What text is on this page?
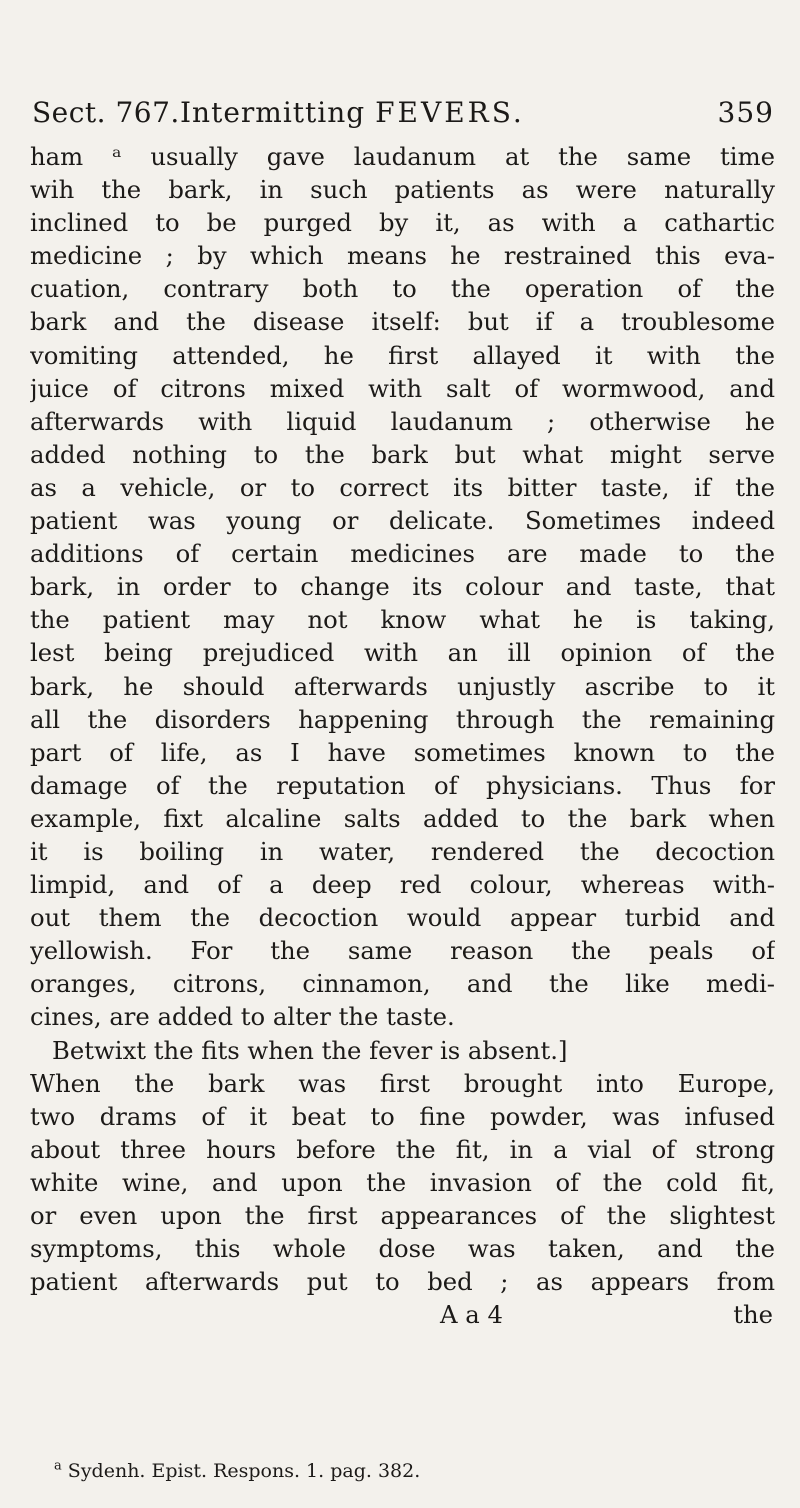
Sect. 767. Intermitting FEVERS.	359
ham ᵃ usually gave laudanum at the same time
wih the bark, in such patients as were naturally
inclined to be purged by it, as with a cathartic
medicine ; by which means he restrained this eva-
cuation, contrary both to the operation of the
bark and the disease itself: but if a troublesome
vomiting attended, he first allayed it with the
juice of citrons mixed with salt of wormwood, and
afterwards with liquid laudanum ; otherwise he
added nothing to the bark but what might serve
as a vehicle, or to correct its bitter taste, if the
patient was young or delicate. Sometimes indeed
additions of certain medicines are made to the
bark, in order to change its colour and taste, that
the patient may not know what he is taking,
lest being prejudiced with an ill opinion of the
bark, he should afterwards unjustly ascribe to it
all the disorders happening through the remaining
part of life, as I have sometimes known to the
damage of the reputation of physicians. Thus for
example, fixt alcaline salts added to the bark when
it is boiling in water, rendered the decoction
limpid, and of a deep red colour, whereas with-
out them the decoction would appear turbid and
yellowish. For the same reason the peals of
oranges, citrons, cinnamon, and the like medi-
cines, are added to alter the taste.
Betwixt the fits when the fever is absent.]
When the bark was first brought into Europe,
two drams of it beat to fine powder, was infused
about three hours before the fit, in a vial of strong
white wine, and upon the invasion of the cold fit,
or even upon the first appearances of the slightest
symptoms, this whole dose was taken, and the
patient afterwards put to bed ; as appears from
A a 4	the
$^a$ Sydenh. Epist. Respons. 1. pag. 382.
